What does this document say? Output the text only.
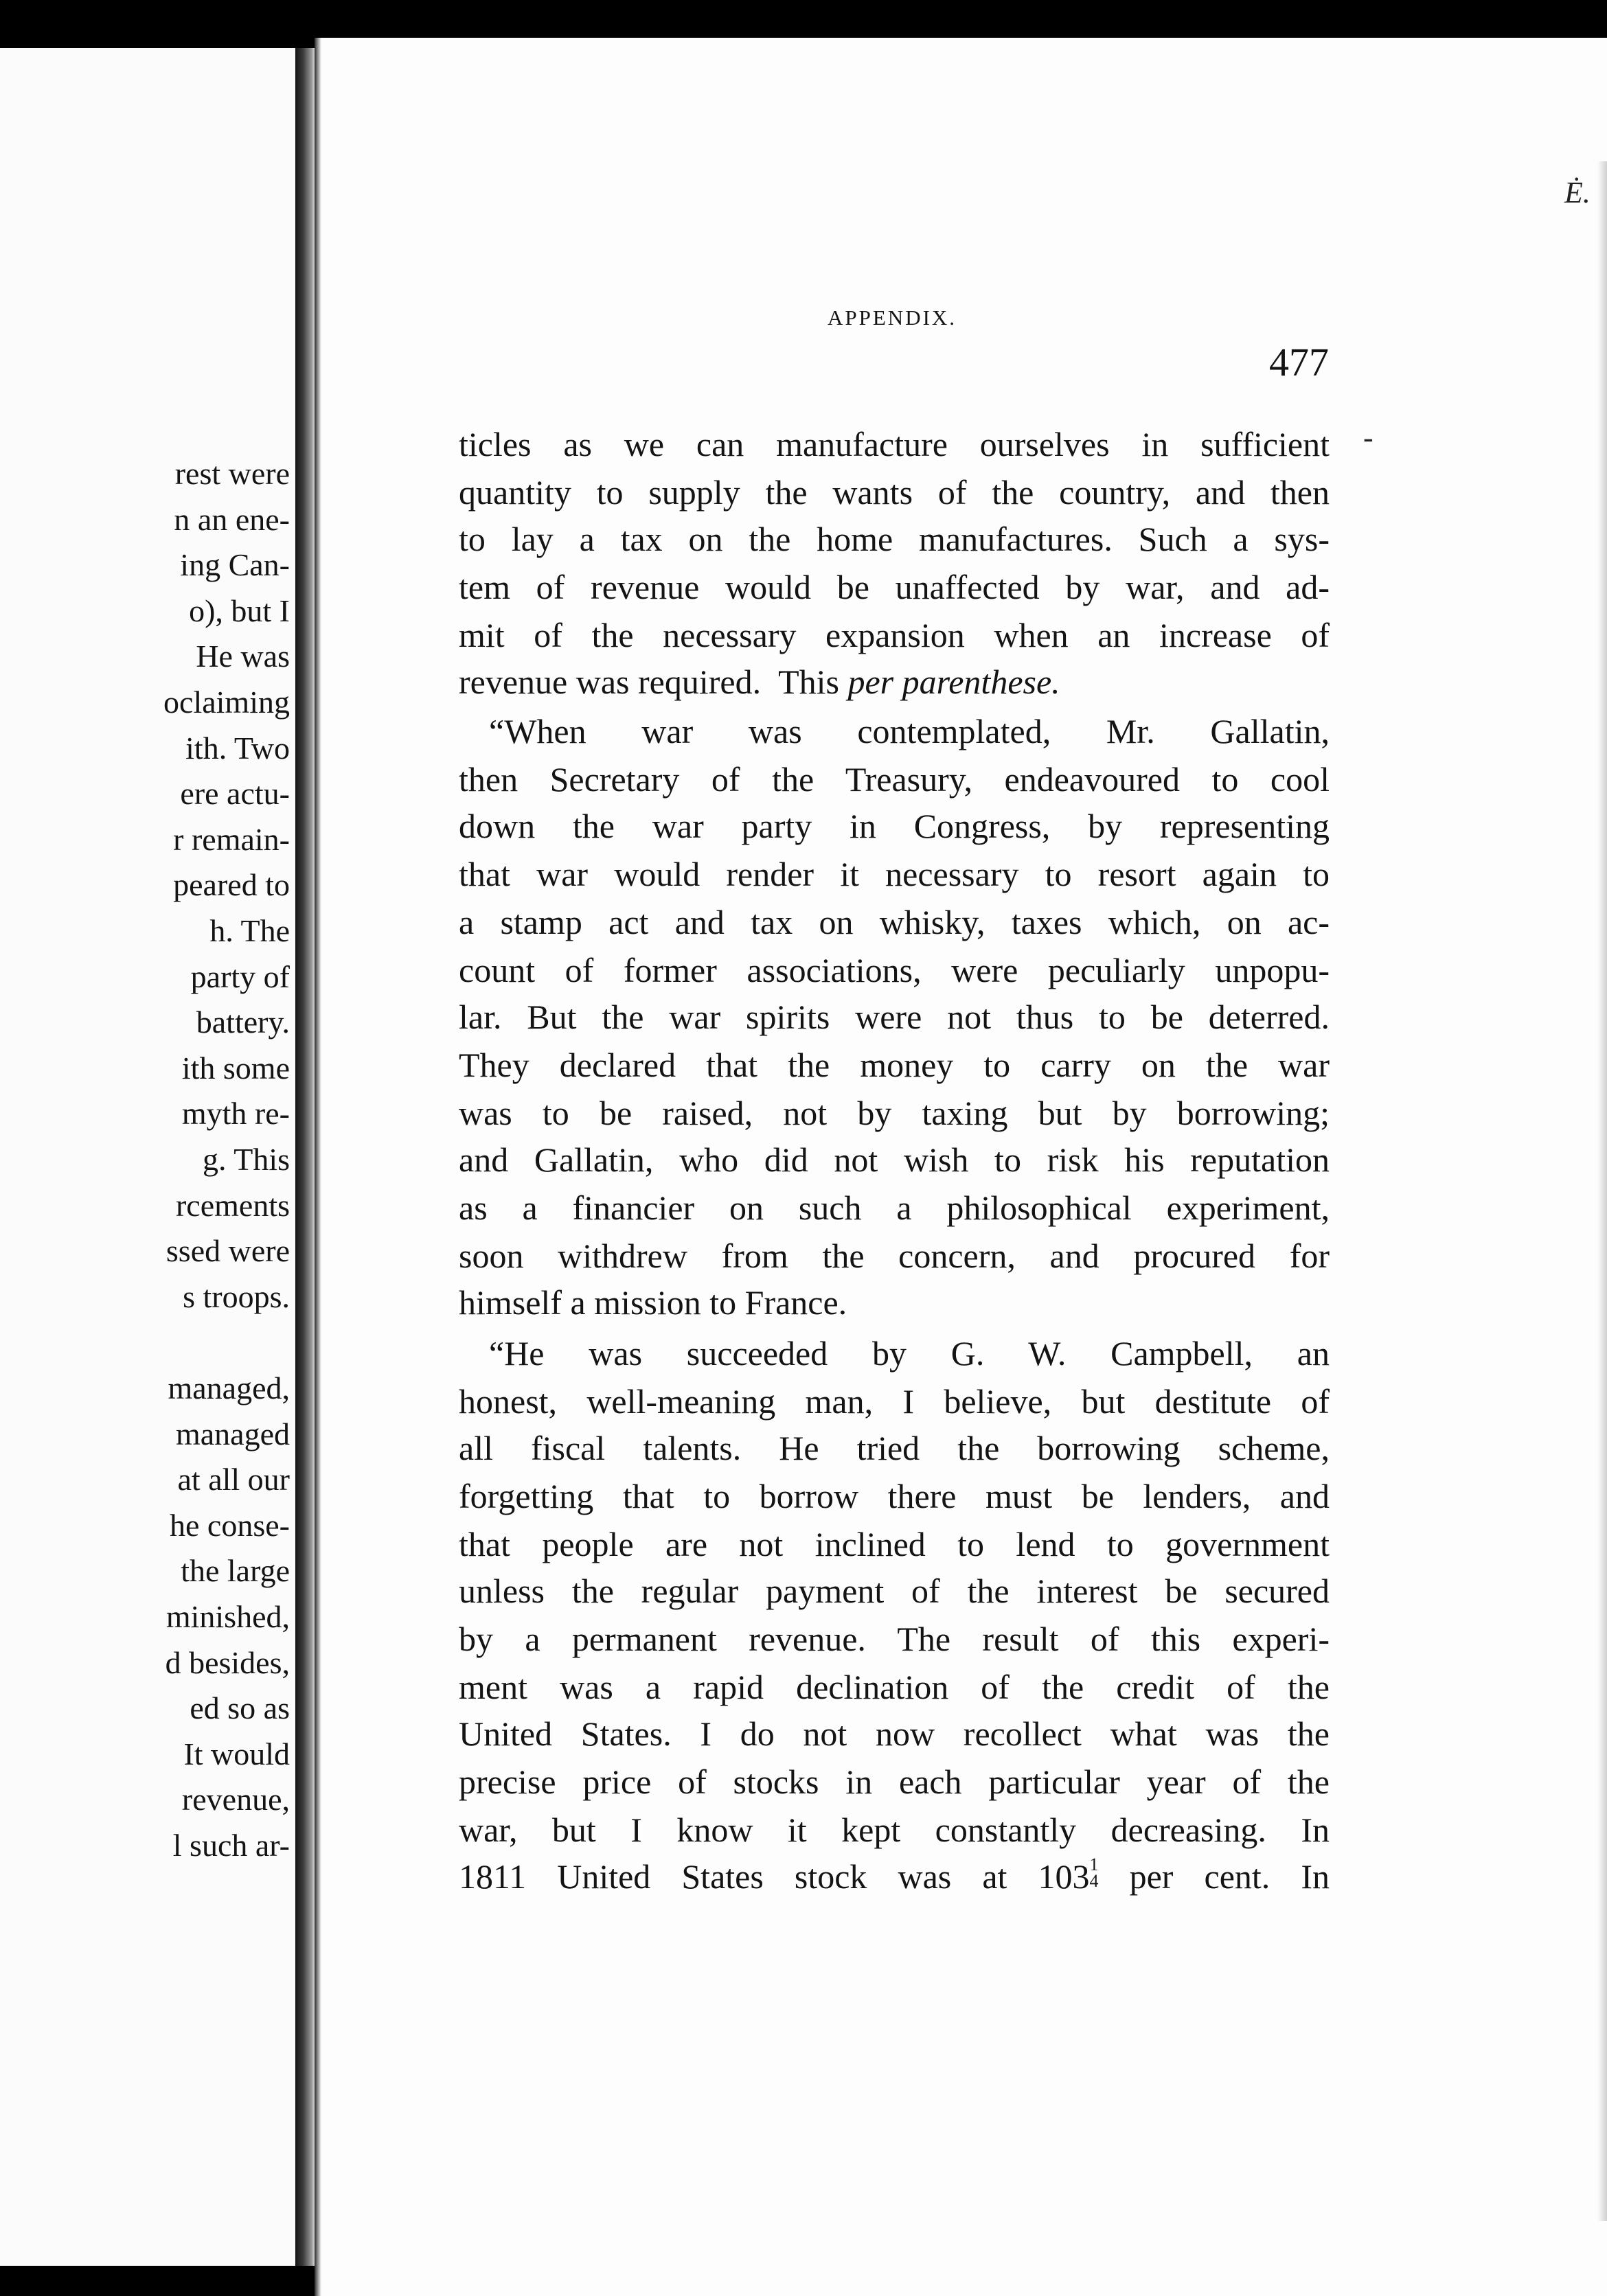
rest were
n an ene-
ing Can-
o), but I
He was
oclaiming
ith. Two
ere actu-
r remain-
peared to
h. The
party of
battery.
ith some
myth re-
g. This
rcements
ssed were
s troops.
managed,
managed
at all our
he conse-
the large
minished,
d besides,
ed so as
It would
revenue,
l such ar-
APPENDIX.
477
-
Ė.
ticles as we can manufacture ourselves in sufficient
quantity to supply the wants of the country, and then
to lay a tax on the home manufactures. Such a sys-
tem of revenue would be unaffected by war, and ad-
mit of the necessary expansion when an increase of
revenue was required. This per parenthese.
“When war was contemplated, Mr. Gallatin,
then Secretary of the Treasury, endeavoured to cool
down the war party in Congress, by representing
that war would render it necessary to resort again to
a stamp act and tax on whisky, taxes which, on ac-
count of former associations, were peculiarly unpopu-
lar. But the war spirits were not thus to be deterred.
They declared that the money to carry on the war
was to be raised, not by taxing but by borrowing;
and Gallatin, who did not wish to risk his reputation
as a financier on such a philosophical experiment,
soon withdrew from the concern, and procured for
himself a mission to France.
“He was succeeded by G. W. Campbell, an
honest, well-meaning man, I believe, but destitute of
all fiscal talents. He tried the borrowing scheme,
forgetting that to borrow there must be lenders, and
that people are not inclined to lend to government
unless the regular payment of the interest be secured
by a permanent revenue. The result of this experi-
ment was a rapid declination of the credit of the
United States. I do not now recollect what was the
precise price of stocks in each particular year of the
war, but I know it kept constantly decreasing. In
1811 United States stock was at 103 1
4 per cent. In
